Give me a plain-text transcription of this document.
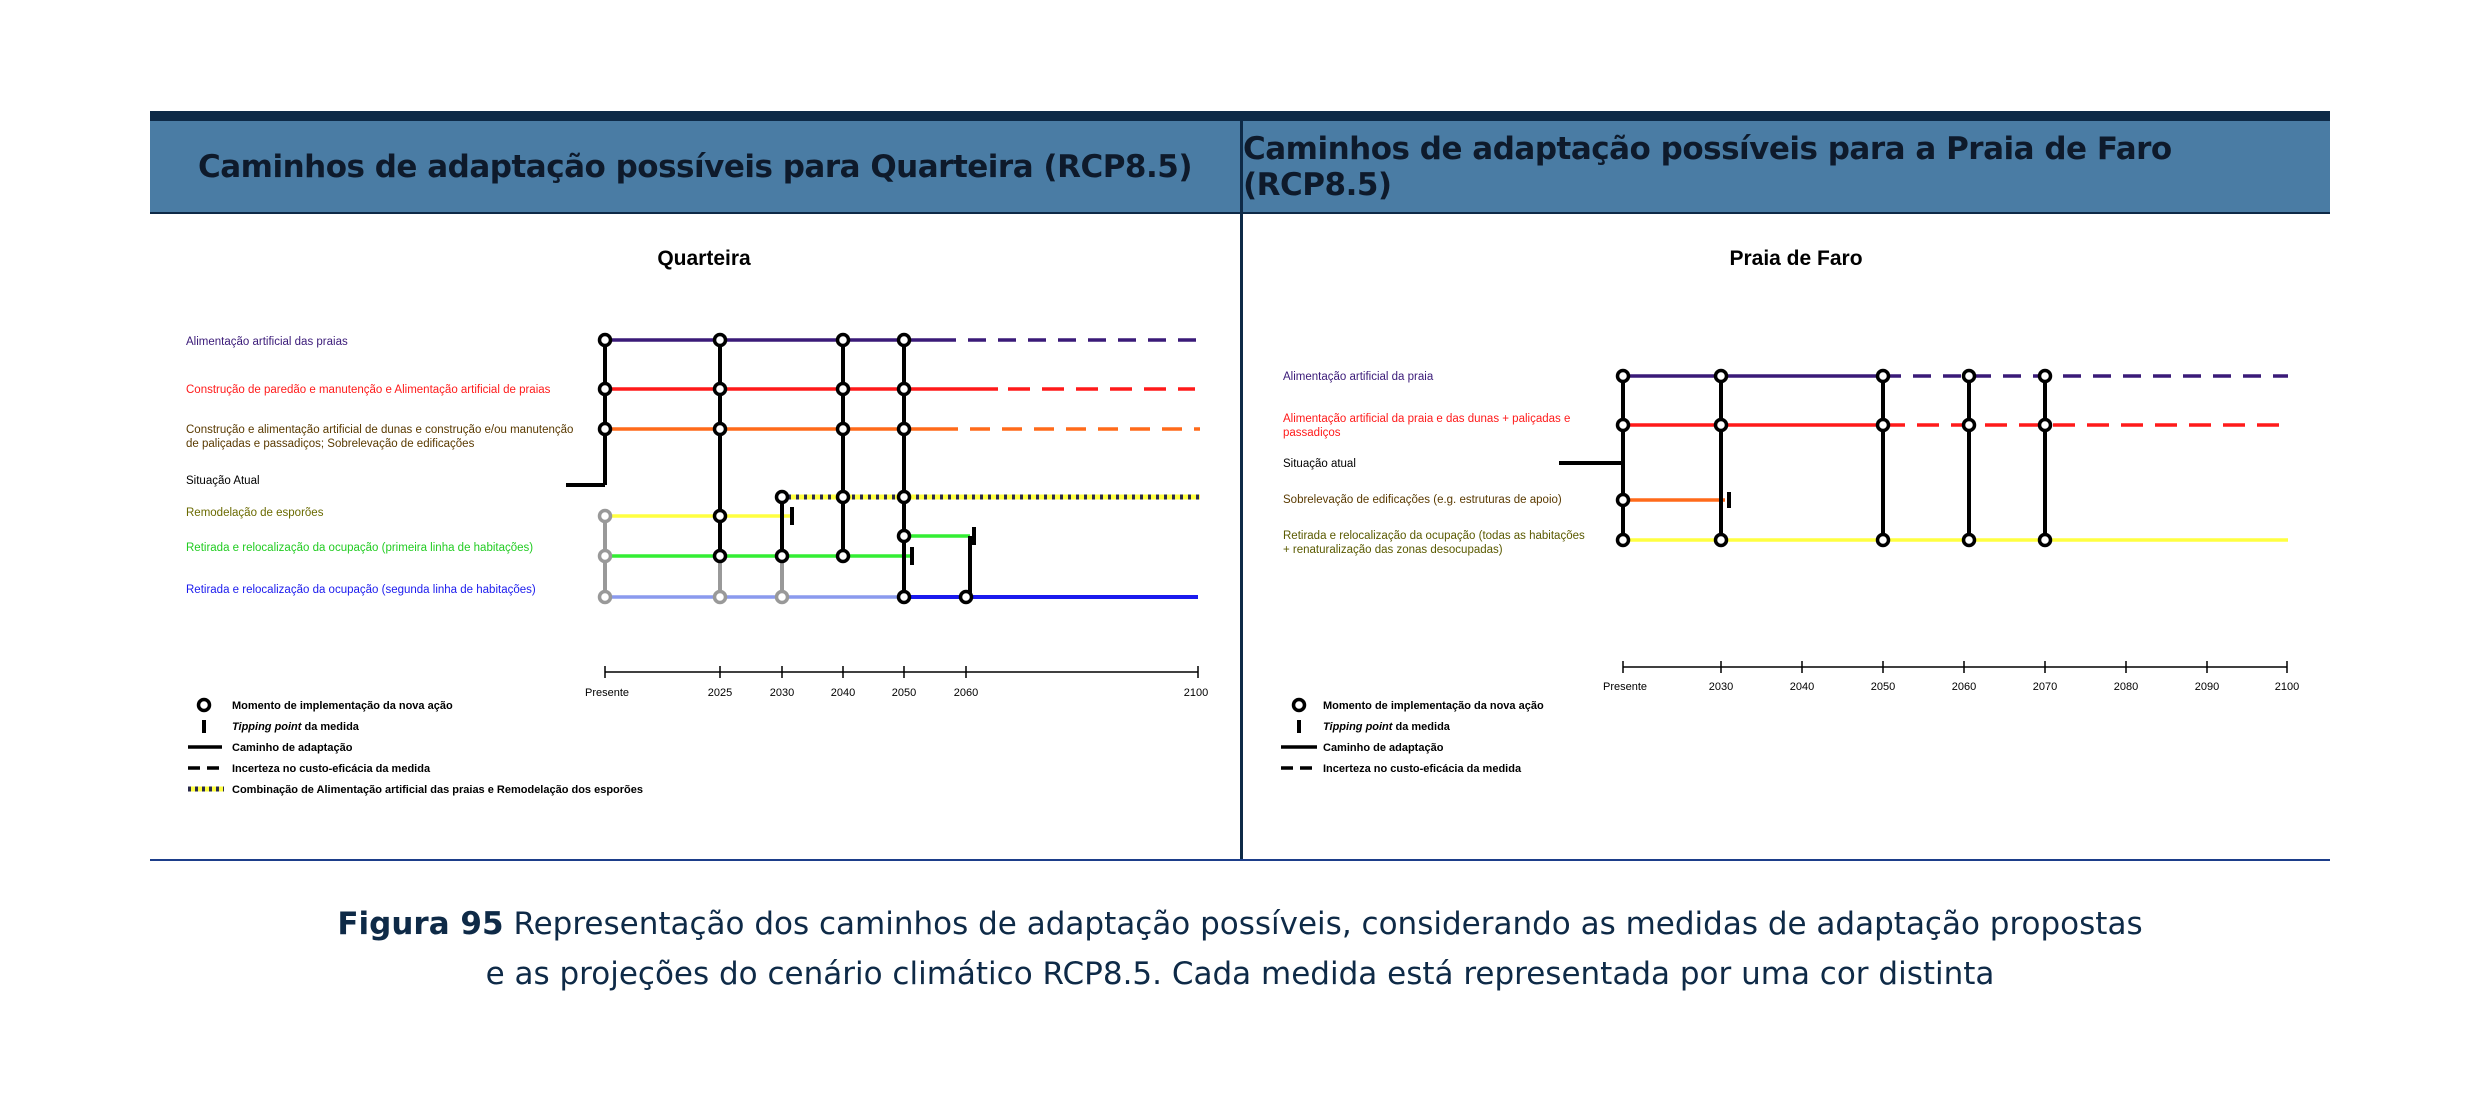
Caminhos de adaptação possíveis para Quarteira (RCP8.5) Caminhos de adaptação possíveis para a Praia de Faro (RCP8.5)
Quarteira
Alimentação artificial das praias
Construção de paredão e manutenção e Alimentação artificial de praias
Construção e alimentação artificial de dunas e construção e/ou manutenção
de paliçadas e passadiços; Sobrelevação de edificações
Situação Atual
Remodelação de esporões
Retirada e relocalização da ocupação (primeira linha de habitações)
Retirada e relocalização da ocupação (segunda linha de habitações)
Presente	2025	2030	2040	2050	2060	2100
Momento de implementação da nova ação
Tipping point da medida
Caminho de adaptação
Incerteza no custo-eficácia da medida
Combinação de Alimentação artificial das praias e Remodelação dos esporões
Praia de Faro
Alimentação artificial da praia
Alimentação artificial da praia e das dunas + paliçadas e
passadiços
Situação atual
Sobrelevação de edificações (e.g. estruturas de apoio)
Retirada e relocalização da ocupação (todas as habitações
+ renaturalização das zonas desocupadas)
Presente	2030	2040	2050	2060	2070	2080	2090	2100
Momento de implementação da nova ação
Tipping point da medida
Caminho de adaptação
Incerteza no custo-eficácia da medida
Figura 95 Representação dos caminhos de adaptação possíveis, considerando as medidas de adaptação propostas
e as projeções do cenário climático RCP8.5. Cada medida está representada por uma cor distinta
